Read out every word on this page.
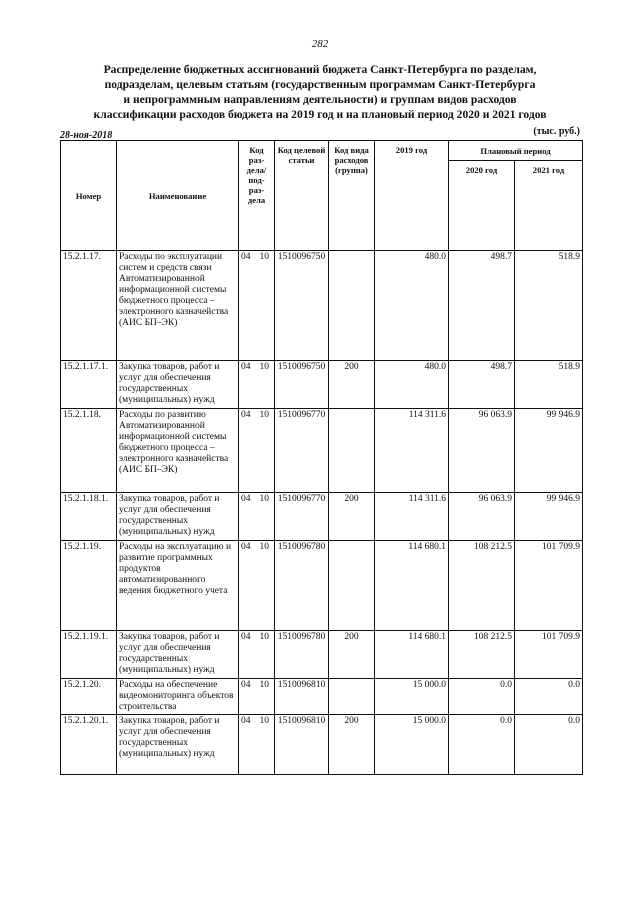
282
Распределение бюджетных ассигнований бюджета Санкт-Петербурга по разделам,
подразделам, целевым статьям (государственным программам Санкт-Петербурга
и непрограммным направлениям деятельности) и группам видов расходов
классификации расходов бюджета на 2019 год и на плановый период 2020 и 2021 годов
28-ноя-2018	(тыс. руб.)
Номер	Наименование	Код раз-дела/ под-раз-дела	Код целевой статьи	Код вида расходов (группа)	2019 год	Плановый период	
						2020 год	2021 год
15.2.1.17.	Расходы по эксплуатации систем и средств связи Автоматизированной информационной системы бюджетного процесса – электронного казначейства (АИС БП–ЭК)	04 10	1510096750		480.0	498.7	518.9
15.2.1.17.1.	Закупка товаров, работ и услуг для обеспечения государственных (муниципальных) нужд	04 10	1510096750	200	480.0	498.7	518.9
15.2.1.18.	Расходы по развитию Автоматизированной информационной системы бюджетного процесса – электронного казначейства (АИС БП–ЭК)	04 10	1510096770		114 311.6	96 063.9	99 946.9
15.2.1.18.1.	Закупка товаров, работ и услуг для обеспечения государственных (муниципальных) нужд	04 10	1510096770	200	114 311.6	96 063.9	99 946.9
15.2.1.19.	Расходы на эксплуатацию и развитие программных продуктов автоматизированного ведения бюджетного учета	04 10	1510096780		114 680.1	108 212.5	101 709.9
15.2.1.19.1.	Закупка товаров, работ и услуг для обеспечения государственных (муниципальных) нужд	04 10	1510096780	200	114 680.1	108 212.5	101 709.9
15.2.1.20.	Расходы на обеспечение видеомониторинга объектов строительства	04 10	1510096810		15 000.0	0.0	0.0
15.2.1.20.1.	Закупка товаров, работ и услуг для обеспечения государственных (муниципальных) нужд	04 10	1510096810	200	15 000.0	0.0	0.0
